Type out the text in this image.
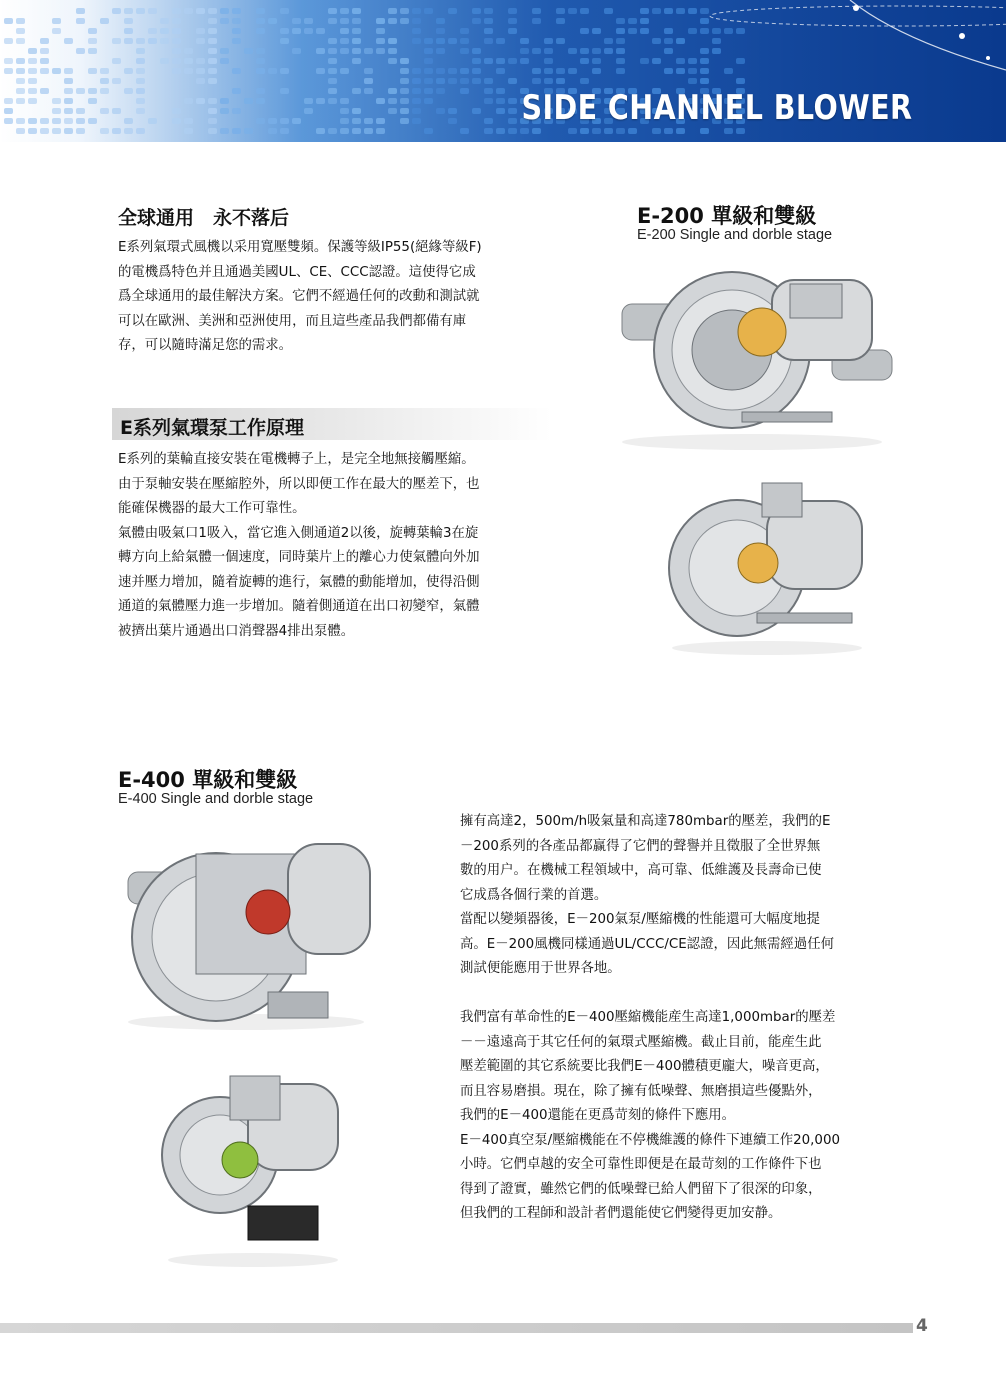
SIDE CHANNEL BLOWER
全球通用　永不落后
E系列氣環式風機以采用寬壓雙頻。保護等級IP55(絕緣等級F)
的電機爲特色并且通過美國UL、CE、CCC認證。這使得它成
爲全球通用的最佳解決方案。它們不經過任何的改動和測試就
可以在歐洲、美洲和亞洲使用，而且這些產品我們都備有庫
存，可以隨時滿足您的需求。
E系列氣環泵工作原理
E系列的葉輪直接安裝在電機轉子上，是完全地無接觸壓縮。
由于泵軸安裝在壓縮腔外，所以即便工作在最大的壓差下，也
能確保機器的最大工作可靠性。
氣體由吸氣口1吸入，當它進入側通道2以後，旋轉葉輪3在旋
轉方向上給氣體一個速度，同時葉片上的離心力使氣體向外加
速并壓力增加，隨着旋轉的進行，氣體的動能增加，使得沿側
通道的氣體壓力進一步增加。隨着側通道在出口初變窄，氣體
被擠出葉片通過出口消聲器4排出泵體。
E-200 單級和雙級
E-200 Single and dorble stage
E-400 單級和雙級
E-400 Single and dorble stage
擁有高達2，500m/h吸氣量和高達780mbar的壓差，我們的E
－200系列的各產品都赢得了它們的聲譽并且徵服了全世界無
數的用户。在機械工程領域中，高可靠、低維護及長壽命已使
它成爲各個行業的首選。
當配以變頻器後，E－200氣泵/壓縮機的性能還可大幅度地提
高。E－200風機同樣通過UL/CCC/CE認證，因此無需經過任何
測試便能應用于世界各地。
我們富有革命性的E－400壓縮機能産生高達1,000mbar的壓差
－－遠遠高于其它任何的氣環式壓縮機。截止目前，能産生此
壓差範圍的其它系統要比我們E－400體積更龐大，噪音更高，
而且容易磨損。現在，除了擁有低噪聲、無磨損這些優點外，
我們的E－400還能在更爲苛刻的條件下應用。
E－400真空泵/壓縮機能在不停機維護的條件下連續工作20,000
小時。它們卓越的安全可靠性即便是在最苛刻的工作條件下也
得到了證實，雖然它們的低噪聲已給人們留下了很深的印象，
但我們的工程師和設計者們還能使它們變得更加安静。
4
